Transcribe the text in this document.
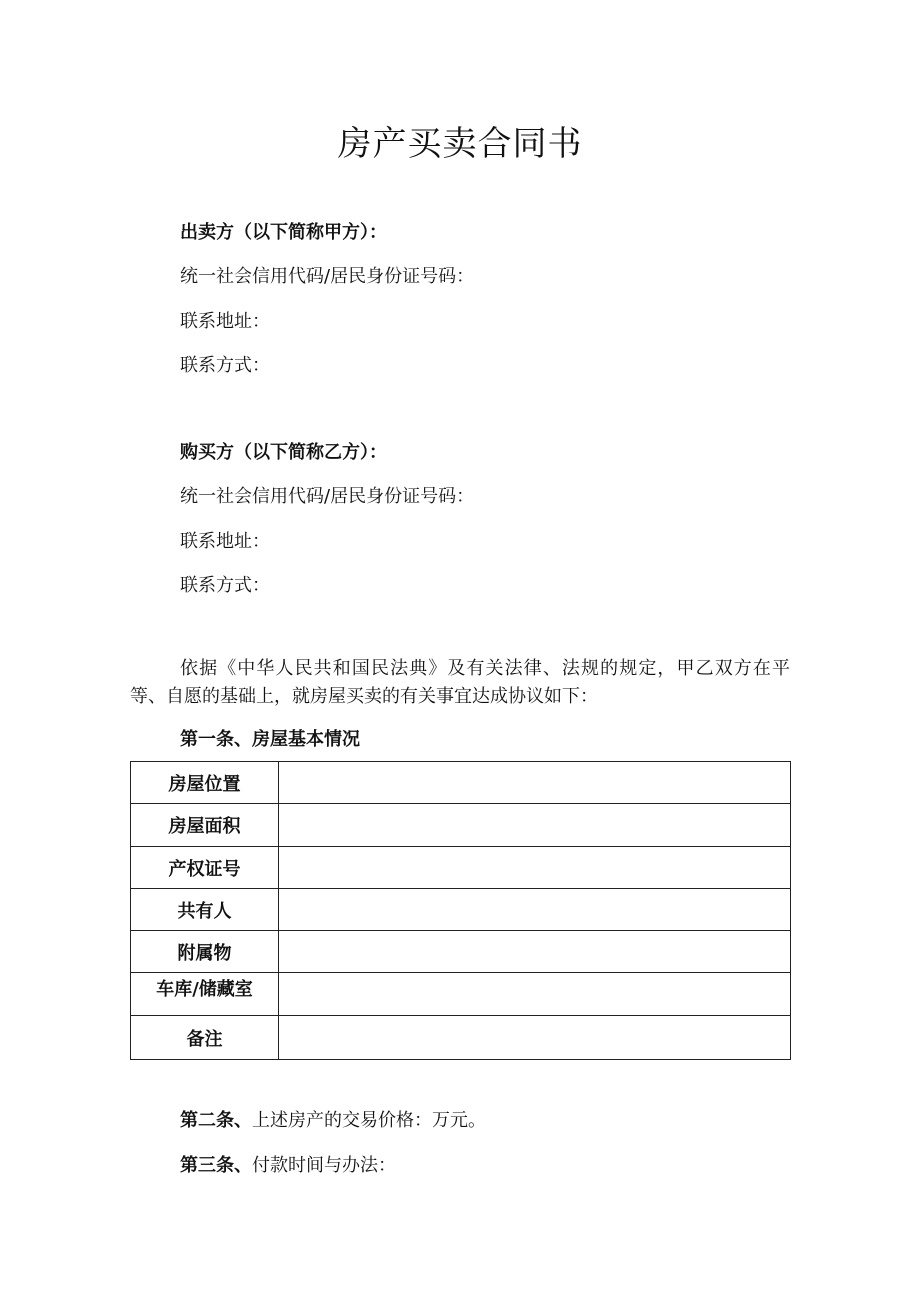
房产买卖合同书
出卖方（以下简称甲方）：
统一社会信用代码/居民身份证号码：
联系地址：
联系方式：
购买方（以下简称乙方）：
统一社会信用代码/居民身份证号码：
联系地址：
联系方式：
依据《中华人民共和国民法典》及有关法律、法规的规定，甲乙双方在平等、自愿的基础上，就房屋买卖的有关事宜达成协议如下：
第一条、房屋基本情况
房屋位置	
房屋面积	
产权证号	
共有人	
附属物	
车库/储藏室	
备注	
第二条、上述房产的交易价格：万元。
第三条、付款时间与办法：
